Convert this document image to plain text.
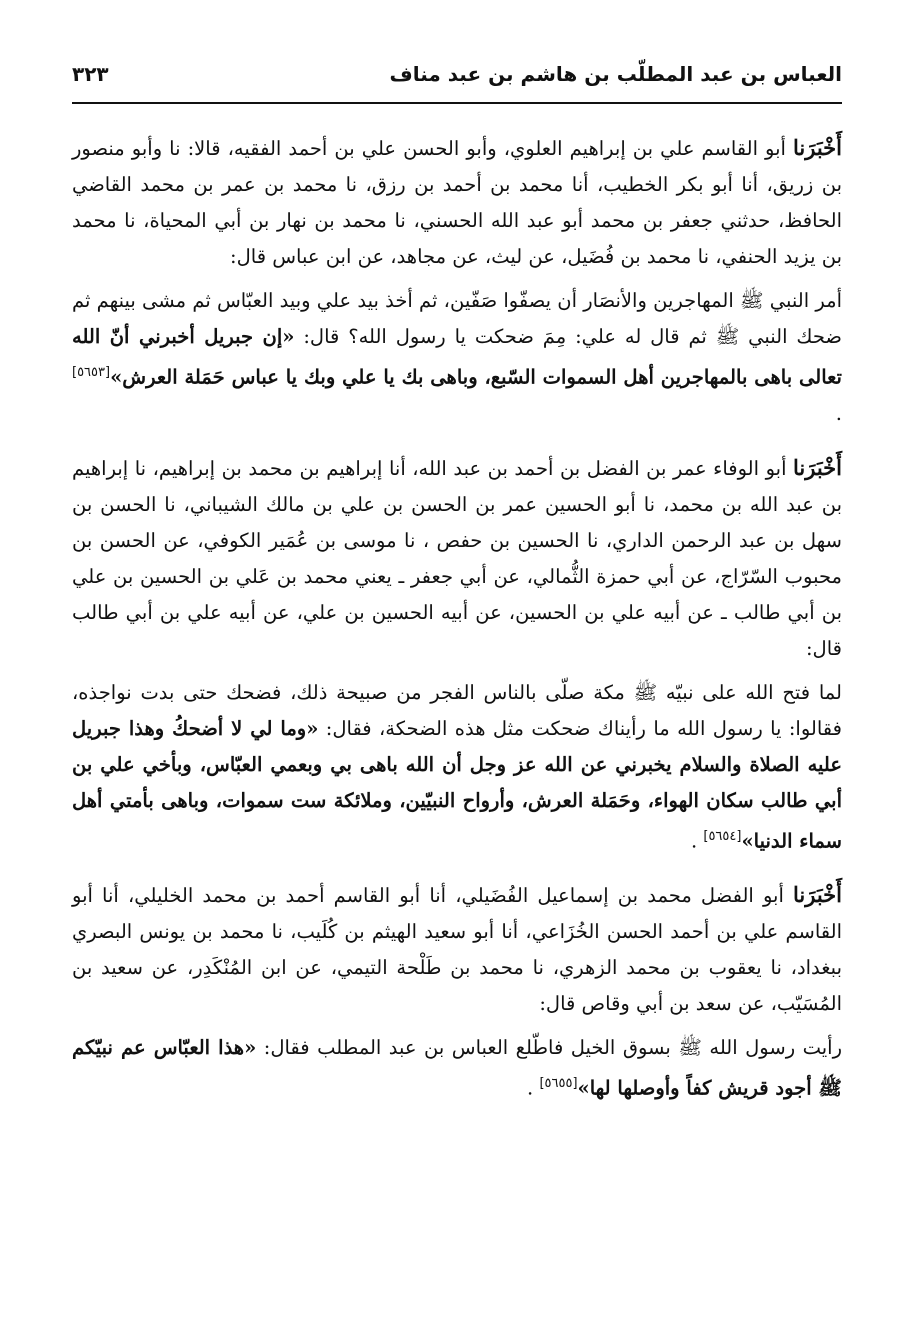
العباس بن عبد المطلّب بن هاشم بن عبد مناف
٣٢٣

أَخْبَرَنا أبو القاسم علي بن إبراهيم العلوي، وأبو الحسن علي بن أحمد الفقيه، قالا: نا وأبو منصور بن زريق، أنا أبو بكر الخطيب، أنا محمد بن أحمد بن رزق، نا محمد بن عمر بن محمد القاضي الحافظ، حدثني جعفر بن محمد أبو عبد الله الحسني، نا محمد بن نهار بن أبي المحياة، نا محمد بن يزيد الحنفي، نا محمد بن فُضَيل، عن ليث، عن مجاهد، عن ابن عباس قال:

أمر النبي ﷺ المهاجرين والأنصَار أن يصفّوا صَفّين، ثم أخذ بيد علي وبيد العبّاس ثم مشى بينهم ثم ضحك النبي ﷺ ثم قال له علي: مِمَ ضحكت يا رسول الله؟ قال: «إن جبريل أخبرني أنّ الله تعالى باهى بالمهاجرين أهل السموات السّبع، وباهى بك يا علي وبك يا عباس حَمَلة العرش»[٥٦٥٣] .

أَخْبَرَنا أبو الوفاء عمر بن الفضل بن أحمد بن عبد الله، أنا إبراهيم بن محمد بن إبراهيم، نا إبراهيم بن عبد الله بن محمد، نا أبو الحسين عمر بن الحسن بن علي بن مالك الشيباني، نا الحسن بن سهل بن عبد الرحمن الداري، نا الحسين بن حفص ، نا موسى بن عُمَير الكوفي، عن الحسن بن محبوب السّرّاج، عن أبي حمزة الثُّمالي، عن أبي جعفر ـ يعني محمد بن عَلي بن الحسين بن علي بن أبي طالب ـ عن أبيه علي بن الحسين، عن أبيه الحسين بن علي، عن أبيه علي بن أبي طالب قال:

لما فتح الله على نبيّه ﷺ مكة صلّى بالناس الفجر من صبيحة ذلك، فضحك حتى بدت نواجذه، فقالوا: يا رسول الله ما رأيناك ضحكت مثل هذه الضحكة، فقال: «وما لي لا أضحكُ وهذا جبريل عليه الصلاة والسلام يخبرني عن الله عز وجل أن الله باهى بي وبعمي العبّاس، وبأخي علي بن أبي طالب سكان الهواء، وحَمَلة العرش، وأرواح النبيّين، وملائكة ست سموات، وباهى بأمتي أهل سماء الدنيا»[٥٦٥٤] .

أَخْبَرَنا أبو الفضل محمد بن إسماعيل الفُضَيلي، أنا أبو القاسم أحمد بن محمد الخليلي، أنا أبو القاسم علي بن أحمد الحسن الخُزَاعي، أنا أبو سعيد الهيثم بن كُلَيب، نا محمد بن يونس البصري ببغداد، نا يعقوب بن محمد الزهري، نا محمد بن طَلْحة التيمي، عن ابن المُنْكَدِر، عن سعيد بن المُسَيّب، عن سعد بن أبي وقاص قال:

رأيت رسول الله ﷺ بسوق الخيل فاطّلع العباس بن عبد المطلب فقال: «هذا العبّاس عم نبيّكم ﷺ أجود قريش كفاً وأوصلها لها»[٥٦٥٥] .
